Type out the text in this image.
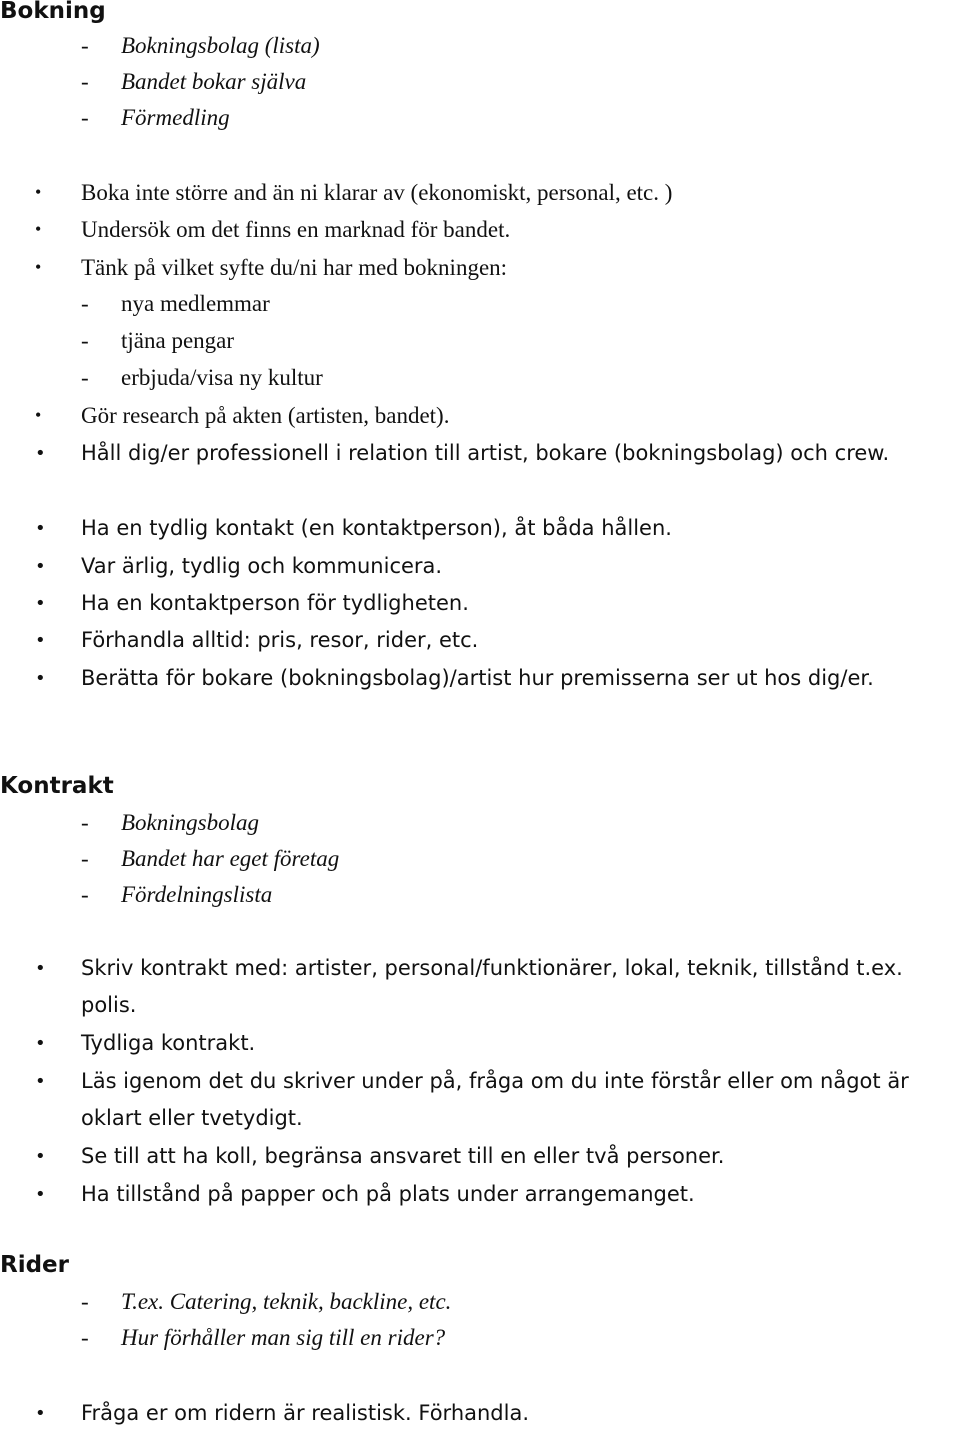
Bokning
- Bokningsbolag (lista)
- Bandet bokar själva
- Förmedling
• Boka inte större and än ni klarar av (ekonomiskt, personal, etc. )
• Undersök om det finns en marknad för bandet.
• Tänk på vilket syfte du/ni har med bokningen:
- nya medlemmar
- tjäna pengar
- erbjuda/visa ny kultur
• Gör research på akten (artisten, bandet).
• Håll dig/er professionell i relation till artist, bokare (bokningsbolag) och crew.
• Ha en tydlig kontakt (en kontaktperson), åt båda hållen.
• Var ärlig, tydlig och kommunicera.
• Ha en kontaktperson för tydligheten.
• Förhandla alltid: pris, resor, rider, etc.
• Berätta för bokare (bokningsbolag)/artist hur premisserna ser ut hos dig/er.
Kontrakt
- Bokningsbolag
- Bandet har eget företag
- Fördelningslista
• Skriv kontrakt med: artister, personal/funktionärer, lokal, teknik, tillstånd t.ex. polis.
• Tydliga kontrakt.
• Läs igenom det du skriver under på, fråga om du inte förstår eller om något är oklart eller tvetydigt.
• Se till att ha koll, begränsa ansvaret till en eller två personer.
• Ha tillstånd på papper och på plats under arrangemanget.
Rider
- T.ex. Catering, teknik, backline, etc.
- Hur förhåller man sig till en rider?
• Fråga er om ridern är realistisk. Förhandla.
